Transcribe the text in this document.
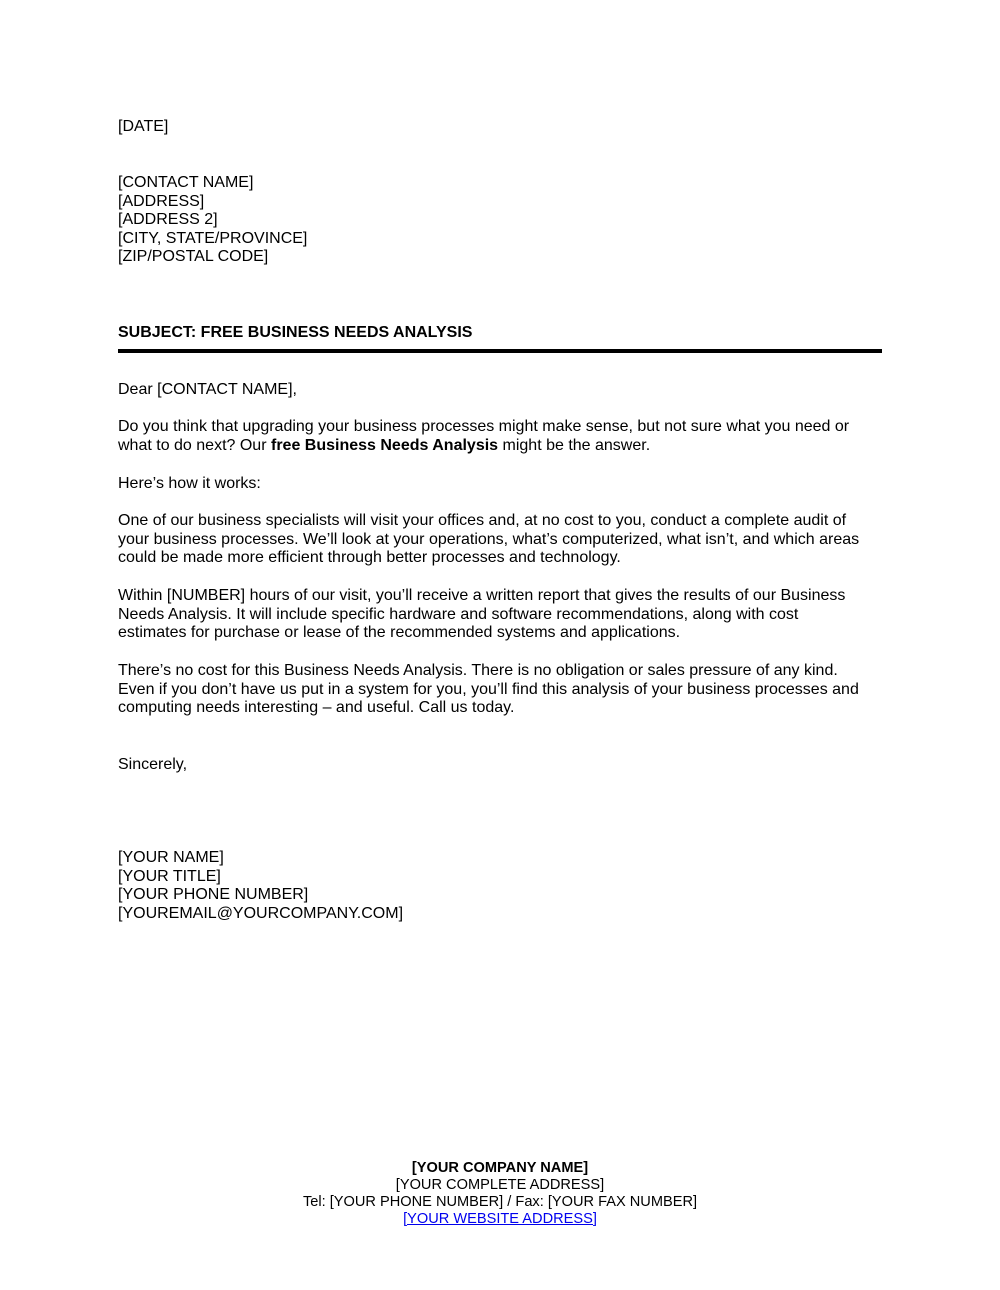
[DATE]
[CONTACT NAME]
[ADDRESS]
[ADDRESS 2]
[CITY, STATE/PROVINCE]
[ZIP/POSTAL CODE]
SUBJECT: FREE BUSINESS NEEDS ANALYSIS
Dear [CONTACT NAME],
Do you think that upgrading your business processes might make sense, but not sure what you need or
what to do next? Our free Business Needs Analysis might be the answer.
Here’s how it works:
One of our business specialists will visit your offices and, at no cost to you, conduct a complete audit of
your business processes. We’ll look at your operations, what’s computerized, what isn’t, and which areas
could be made more efficient through better processes and technology.
Within [NUMBER] hours of our visit, you’ll receive a written report that gives the results of our Business
Needs Analysis. It will include specific hardware and software recommendations, along with cost
estimates for purchase or lease of the recommended systems and applications.
There’s no cost for this Business Needs Analysis. There is no obligation or sales pressure of any kind.
Even if you don’t have us put in a system for you, you’ll find this analysis of your business processes and
computing needs interesting – and useful. Call us today.
Sincerely,
[YOUR NAME]
[YOUR TITLE]
[YOUR PHONE NUMBER]
[YOUREMAIL@YOURCOMPANY.COM]
[YOUR COMPANY NAME]
[YOUR COMPLETE ADDRESS]
Tel: [YOUR PHONE NUMBER] / Fax: [YOUR FAX NUMBER]
[YOUR WEBSITE ADDRESS]
